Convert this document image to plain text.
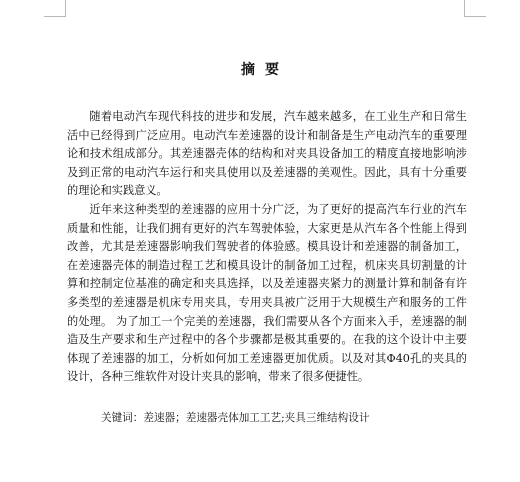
摘要

随着电动汽车现代科技的进步和发展，汽车越来越多，在工业生产和日常生活中已经得到广泛应用。电动汽车差速器的设计和制备是生产电动汽车的重要理论和技术组成部分。其差速器壳体的结构和对夹具设备加工的精度直接地影响涉及到正常的电动汽车运行和夹具使用以及差速器的美观性。因此，具有十分重要的理论和实践意义。

近年来这种类型的差速器的应用十分广泛，为了更好的提高汽车行业的汽车质量和性能，让我们拥有更好的汽车驾驶体验，大家更是从汽车各个性能上得到改善，尤其是差速器影响我们驾驶者的体验感。模具设计和差速器的制备加工，在差速器壳体的制造过程工艺和模具设计的制备加工过程，机床夹具切割量的计算和控制定位基准的确定和夹具选择，以及差速器夹紧力的测量计算和制备有许多类型的差速器是机床专用夹具，专用夹具被广泛用于大规模生产和服务的工件的处理。 为了加工一个完美的差速器，我们需要从各个方面来入手，差速器的制造及生产要求和生产过程中的各个步骤都是极其重要的。在我的这个设计中主要体现了差速器的加工，分析如何加工差速器更加优质。以及对其Φ40孔的夹具的设计，各种三维软件对设计夹具的影响，带来了很多便捷性。

关键词：差速器；差速器壳体加工工艺;夹具三维结构设计
